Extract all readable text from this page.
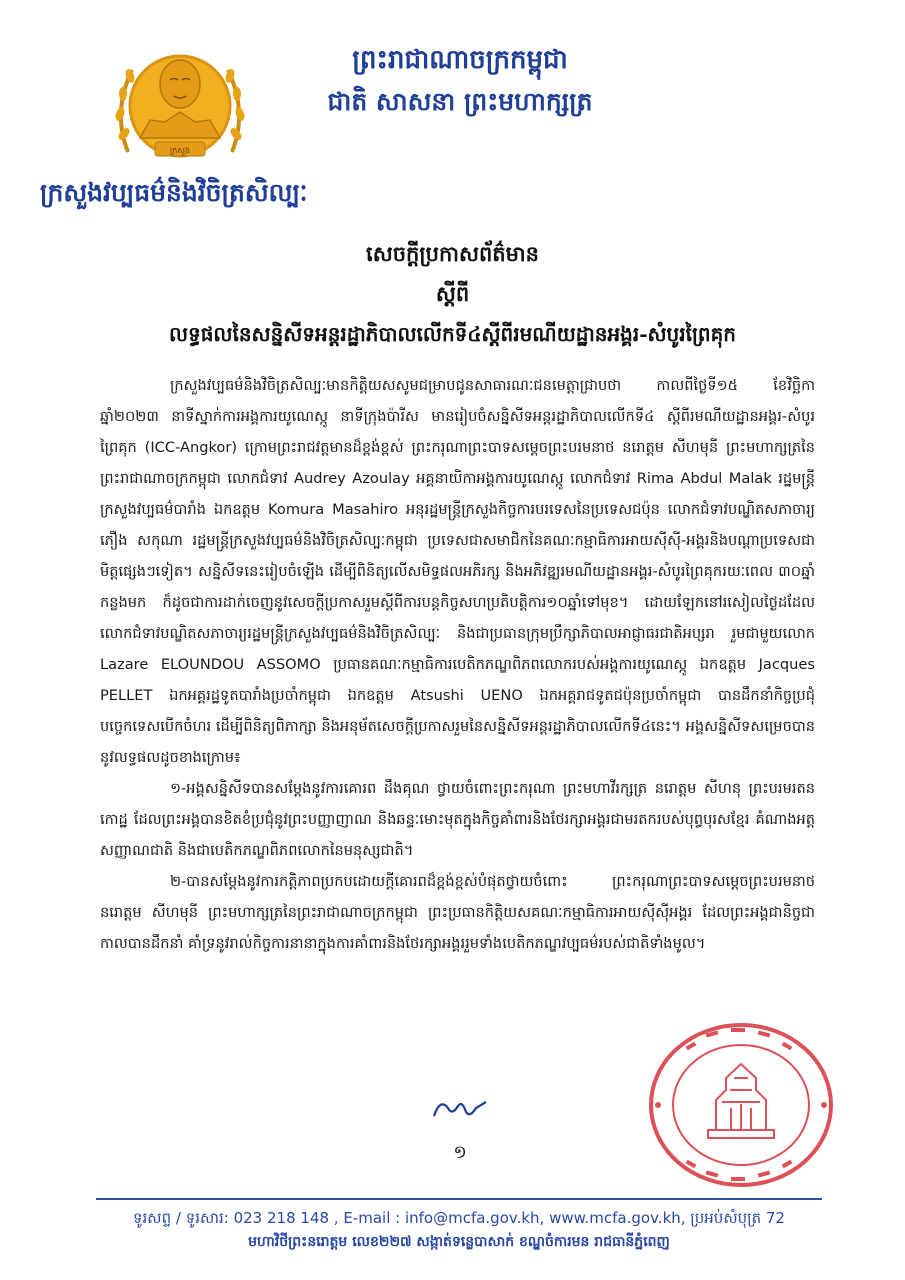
ក្រសួង
ព្រះរាជាណាចក្រកម្ពុជា
ជាតិ សាសនា ព្រះមហាក្សត្រ
ក្រសួងវប្បធម៌និងវិចិត្រសិល្បៈ
សេចក្តីប្រកាសព័ត៌មាន
ស្តីពី
លទ្ធផលនៃសន្និសីទអន្តរដ្ឋាភិបាលលើកទី៤ស្តីពីរមណីយដ្ឋានអង្គរ-សំបូរព្រៃគុក

ក្រសួងវប្បធម៌និងវិចិត្រសិល្បៈមានកិត្តិយសសូមជម្រាបជូនសាធារណៈជនមេត្តាជ្រាបថា កាលពីថ្ងៃទី១៥ ខែវិច្ឆិកា ឆ្នាំ២០២៣ នាទីស្នាក់ការអង្គការយូណេស្កូ នាទីក្រុងប៉ារីស មានរៀបចំសន្និសីទអន្តរដ្ឋាភិបាលលើកទី៤ ស្តីពីរមណីយដ្ឋានអង្គរ-សំបូរព្រៃគុក (ICC-Angkor) ក្រោមព្រះរាជវត្តមានដ៏ខ្ពង់ខ្ពស់ ព្រះករុណាព្រះបាទសម្តេចព្រះបរមនាថ នរោត្តម សីហមុនី ព្រះមហាក្សត្រនៃព្រះរាជាណាចក្រកម្ពុជា លោកជំទាវ Audrey Azoulay អគ្គនាយិកាអង្គការយូណេស្កូ លោកជំទាវ Rima Abdul Malak រដ្ឋមន្ត្រីក្រសួងវប្បធម៌បារាំង ឯកឧត្តម Komura Masahiro អនុរដ្ឋមន្ត្រីក្រសួងកិច្ចការបរទេសនៃប្រទេសជប៉ុន លោកជំទាវបណ្ឌិតសភាចារ្យ ភឿង សកុណា រដ្ឋមន្ត្រីក្រសួងវប្បធម៌និងវិចិត្រសិល្បៈកម្ពុជា ប្រទេសជាសមាជិកនៃគណៈកម្មាធិការអាយស៊ីស៊ី-អង្គរនិងបណ្តាប្រទេសជាមិត្តផ្សេងៗទៀត។ សន្និសីទនេះរៀបចំឡើង ដើម្បីពិនិត្យលើសមិទ្ធផលអភិរក្ស និងអភិវឌ្ឍរមណីយដ្ឋានអង្គរ-សំបូរព្រៃគុករយៈពេល ៣០ឆ្នាំកន្លងមក ក៏ដូចជាការដាក់ចេញនូវសេចក្តីប្រកាសរួមស្តីពីការបន្តកិច្ចសហប្រតិបត្តិការ១០ឆ្នាំទៅមុខ។ ដោយឡែកនៅរសៀលថ្ងៃដដែលលោកជំទាវបណ្ឌិតសភាចារ្យរដ្ឋមន្ត្រីក្រសួងវប្បធម៌និងវិចិត្រសិល្បៈ និងជាប្រធានក្រុមប្រឹក្សាភិបាលអាជ្ញាធរជាតិអប្សរា រួមជាមួយលោក Lazare ELOUNDOU ASSOMO ប្រធានគណៈកម្មាធិការបេតិកភណ្ឌពិភពលោករបស់អង្គការយូណេស្កូ ឯកឧត្តម Jacques PELLET ឯកអគ្គរដ្ឋទូតបារាំងប្រចាំកម្ពុជា ឯកឧត្តម Atsushi UENO ឯកអគ្គរាជទូតជប៉ុនប្រចាំកម្ពុជា បានដឹកនាំកិច្ចប្រជុំបច្ចេកទេសបើកចំហរ ដើម្បីពិនិត្យពិភាក្សា និងអនុម័តសេចក្តីប្រកាសរួមនៃសន្និសីទអន្តរដ្ឋាភិបាលលើកទី៤នេះ។ អង្គសន្និសីទសម្រេចបាននូវលទ្ធផលដូចខាងក្រោម៖

១-អង្គសន្និសីទបានសម្តែងនូវការគោរព ដឹងគុណ ថ្វាយចំពោះព្រះករុណា ព្រះមហាវីរក្សត្រ នរោត្តម សីហនុ ព្រះបរមរតនកោដ្ឋ ដែលព្រះអង្គបានខិតខំប្រជុំនូវព្រះបញ្ញាញាណ និងឆន្ទៈមោះមុតក្នុងកិច្ចគាំពារនិងថែរក្សាអង្គរជាមរតករបស់បុព្វបុរសខ្មែរ គំណាងអត្តសញ្ញាណជាតិ និងជាបេតិកភណ្ឌពិភពលោកនៃមនុស្សជាតិ។

២-បានសម្តែងនូវការកត្តិភាពប្រកបដោយក្តីគោរពដ៏ខ្ពង់ខ្ពស់បំផុតថ្វាយចំពោះ ព្រះករុណាព្រះបាទសម្តេចព្រះបរមនាថ នរោត្តម សីហមុនី ព្រះមហាក្សត្រនៃព្រះរាជាណាចក្រកម្ពុជា ព្រះប្រធានកិត្តិយសគណៈកម្មាធិការអាយស៊ីស៊ីអង្គរ ដែលព្រះអង្គជានិច្ចជាកាលបានដឹកនាំ គាំទ្រនូវរាល់កិច្ចការនានាក្នុងការគាំពារនិងថែរក្សាអង្គររួមទាំងបេតិកភណ្ឌវប្បធម៌របស់ជាតិទាំងមូល។

១
ទូរសព្ទ / ទូរសារ: 023 218 148 , E-mail : info@mcfa.gov.kh, www.mcfa.gov.kh, ប្រអប់សំបុត្រ 72
មហាវិថីព្រះនរោត្តម លេខ២២៧ សង្កាត់ទន្លេបាសាក់ ខណ្ឌចំការមន រាជធានីភ្នំពេញ
